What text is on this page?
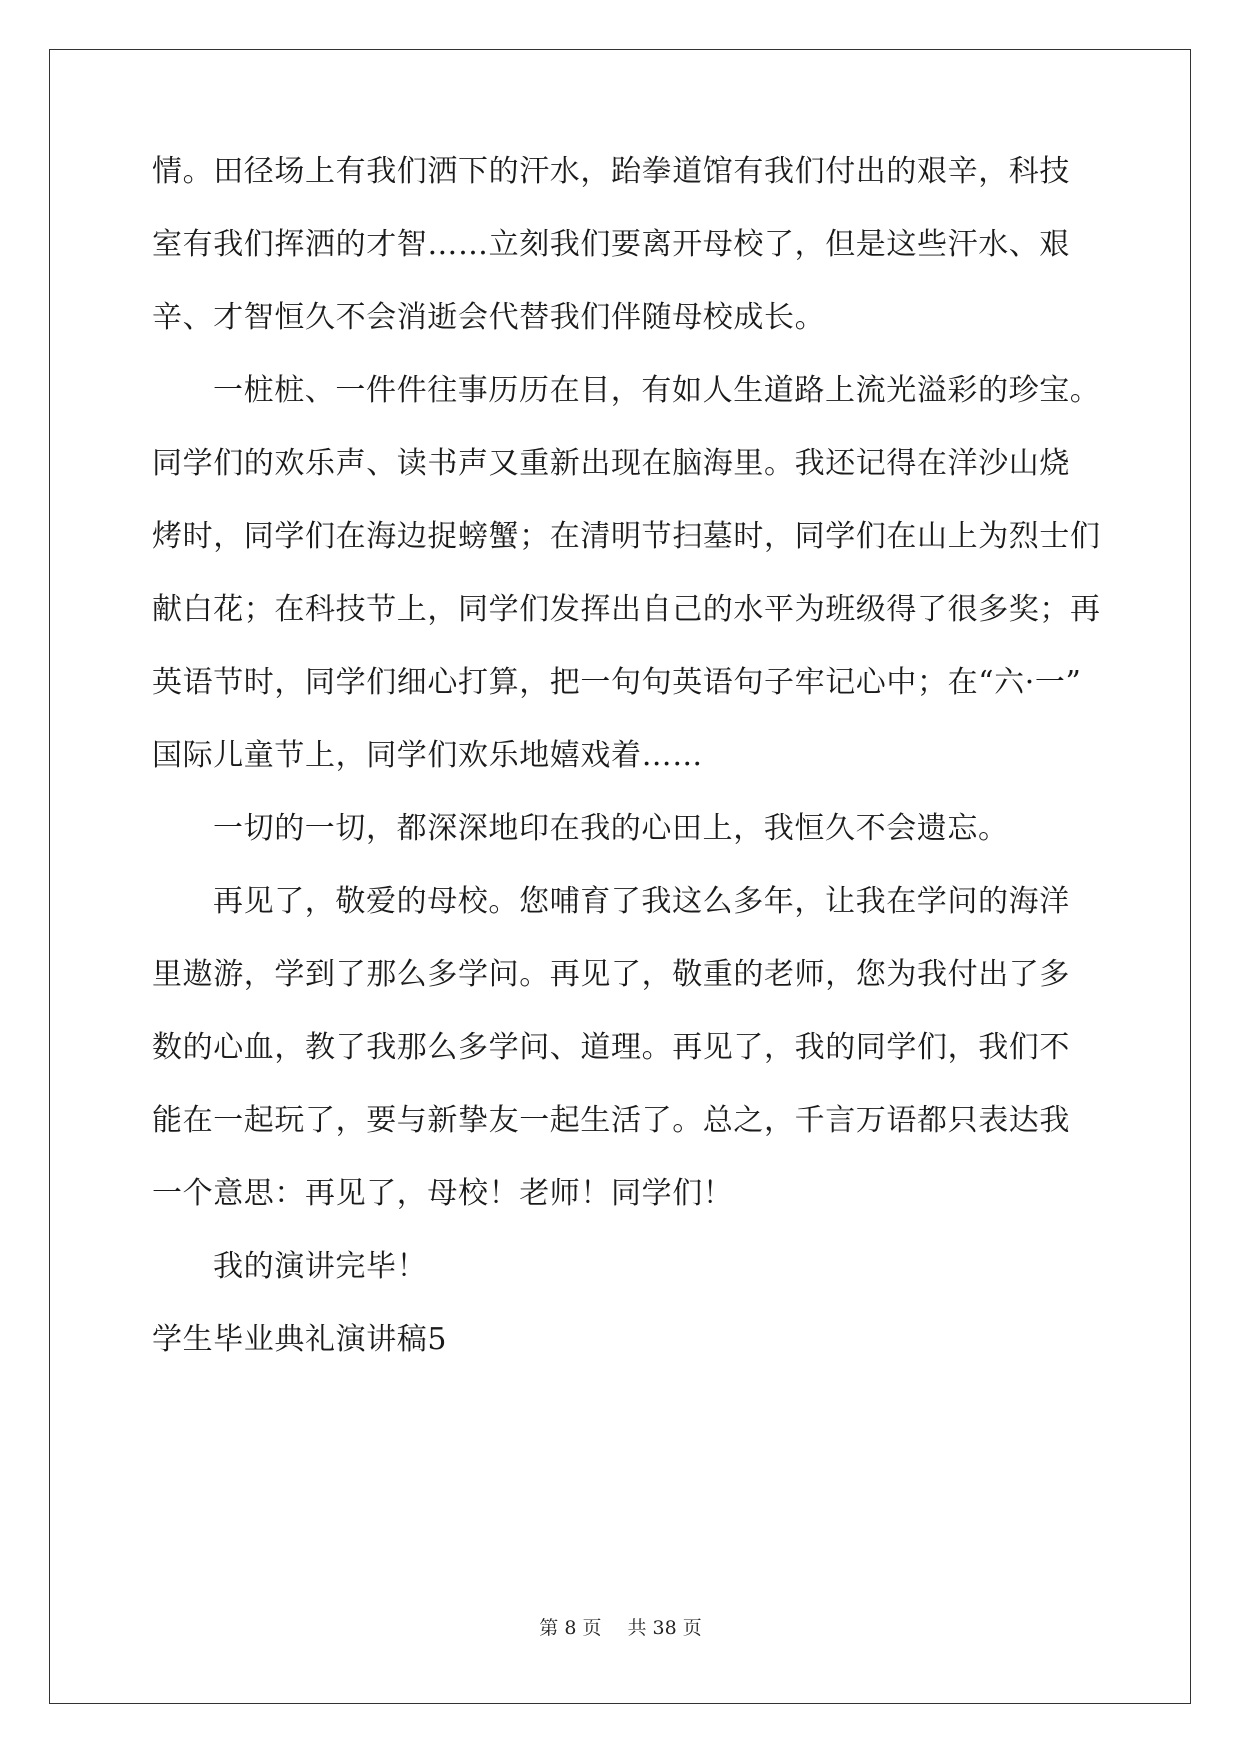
情。田径场上有我们洒下的汗水，跆拳道馆有我们付出的艰辛，科技
室有我们挥洒的才智……立刻我们要离开母校了，但是这些汗水、艰
辛、才智恒久不会消逝会代替我们伴随母校成长。
一桩桩、一件件往事历历在目，有如人生道路上流光溢彩的珍宝。
同学们的欢乐声、读书声又重新出现在脑海里。我还记得在洋沙山烧
烤时，同学们在海边捉螃蟹；在清明节扫墓时，同学们在山上为烈士们
献白花；在科技节上，同学们发挥出自己的水平为班级得了很多奖；再
英语节时，同学们细心打算，把一句句英语句子牢记心中；在“六·一”
国际儿童节上，同学们欢乐地嬉戏着……
一切的一切，都深深地印在我的心田上，我恒久不会遗忘。
再见了，敬爱的母校。您哺育了我这么多年，让我在学问的海洋
里遨游，学到了那么多学问。再见了，敬重的老师，您为我付出了多
数的心血，教了我那么多学问、道理。再见了，我的同学们，我们不
能在一起玩了，要与新挚友一起生活了。总之，千言万语都只表达我
一个意思：再见了，母校！老师！同学们！
我的演讲完毕！
学生毕业典礼演讲稿5
第 8 页 共 38 页
